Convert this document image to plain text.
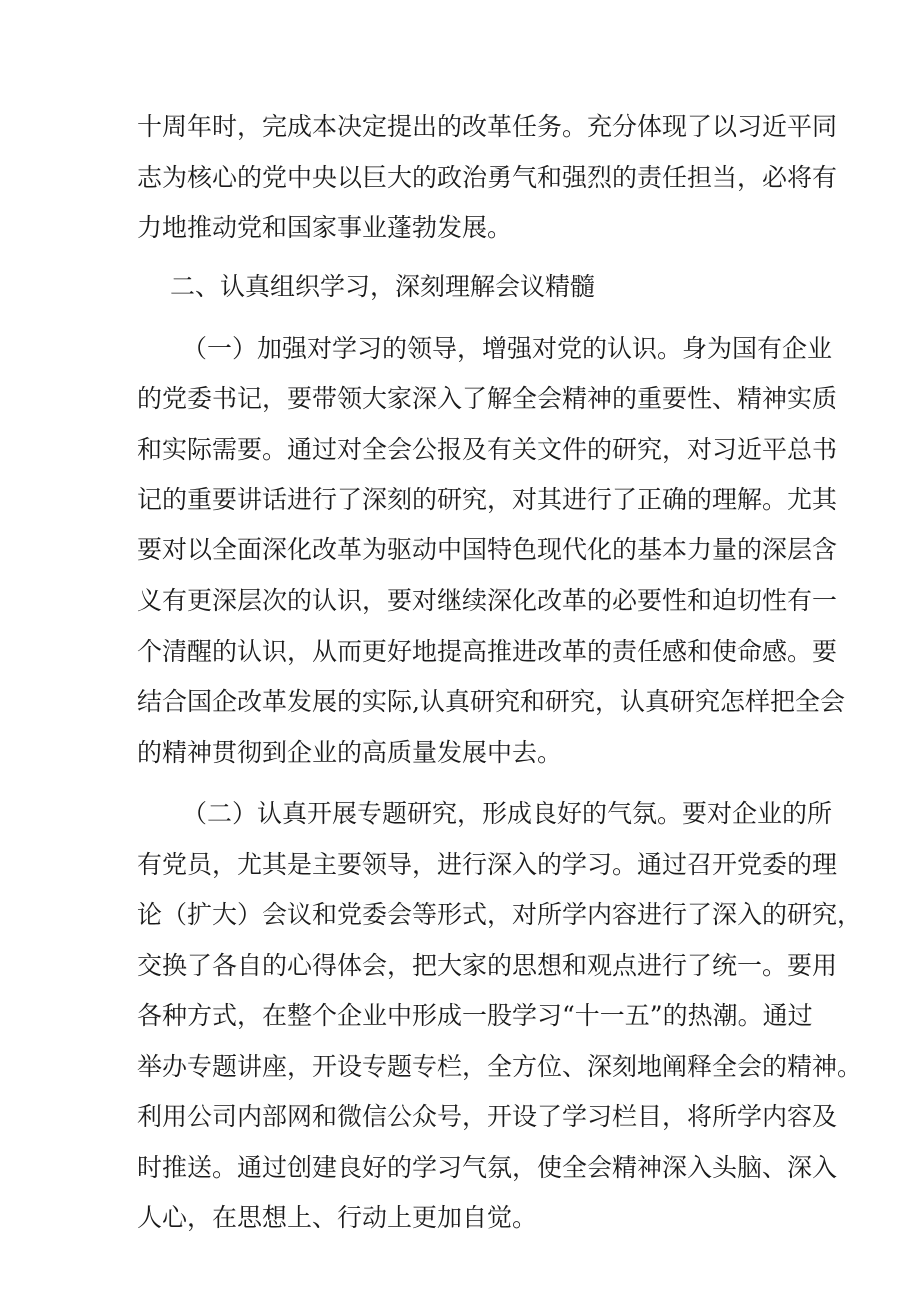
十周年时，完成本决定提出的改革任务。充分体现了以习近平同
志为核心的党中央以巨大的政治勇气和强烈的责任担当，必将有
力地推动党和国家事业蓬勃发展。
二、认真组织学习，深刻理解会议精髓
（一）加强对学习的领导，增强对党的认识。身为国有企业
的党委书记，要带领大家深入了解全会精神的重要性、精神实质
和实际需要。通过对全会公报及有关文件的研究，对习近平总书
记的重要讲话进行了深刻的研究，对其进行了正确的理解。尤其
要对以全面深化改革为驱动中国特色现代化的基本力量的深层含
义有更深层次的认识，要对继续深化改革的必要性和迫切性有一
个清醒的认识，从而更好地提高推进改革的责任感和使命感。要
结合国企改革发展的实际,认真研究和研究，认真研究怎样把全会
的精神贯彻到企业的高质量发展中去。
（二）认真开展专题研究，形成良好的气氛。要对企业的所
有党员，尤其是主要领导，进行深入的学习。通过召开党委的理
论（扩大）会议和党委会等形式，对所学内容进行了深入的研究，
交换了各自的心得体会，把大家的思想和观点进行了统一。要用
各种方式，在整个企业中形成一股学习“十一五”的热潮。通过
举办专题讲座，开设专题专栏，全方位、深刻地阐释全会的精神。
利用公司内部网和微信公众号，开设了学习栏目，将所学内容及
时推送。通过创建良好的学习气氛，使全会精神深入头脑、深入
人心，在思想上、行动上更加自觉。
